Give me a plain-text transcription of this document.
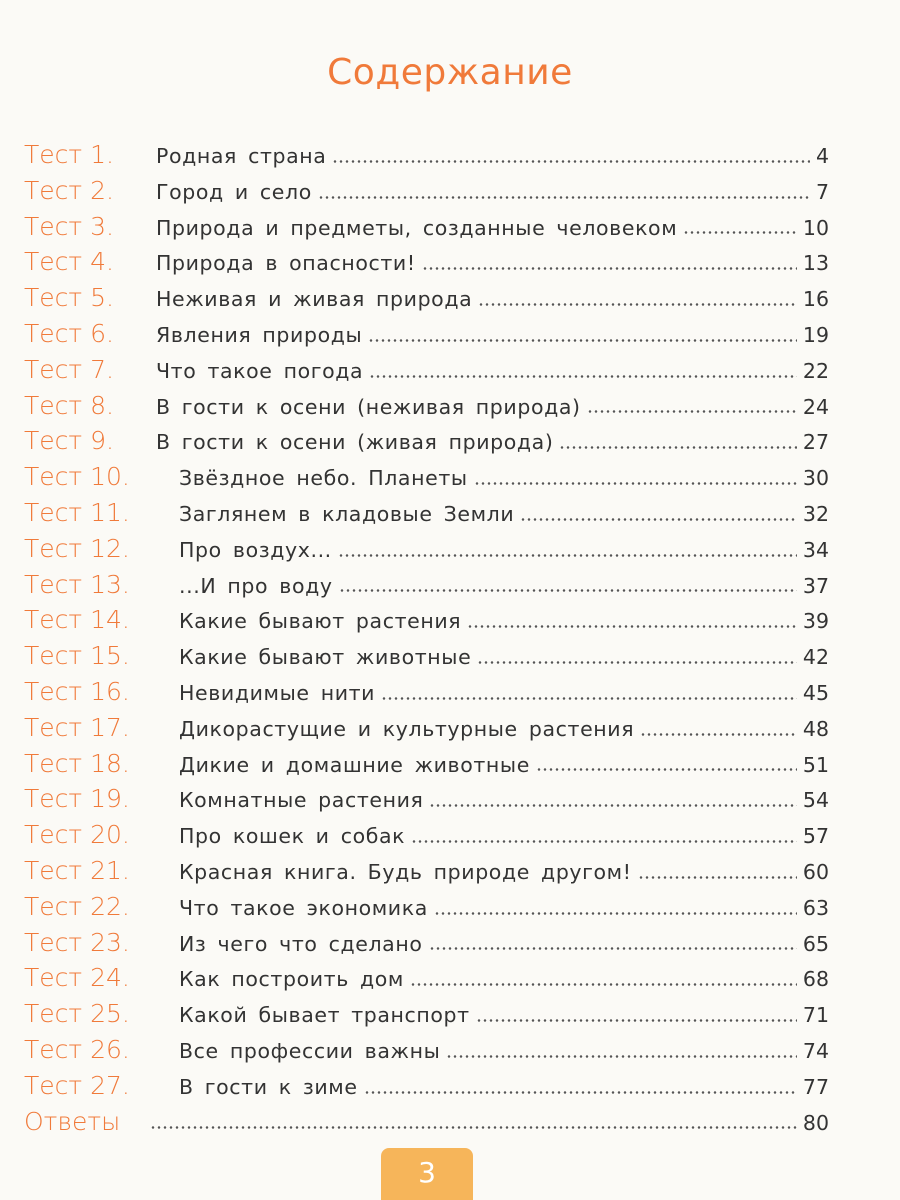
Содержание
Тест 1.	Родная страна	4
Тест 2.	Город и село	7
Тест 3.	Природа и предметы, созданные человеком	10
Тест 4.	Природа в опасности!	13
Тест 5.	Неживая и живая природа	16
Тест 6.	Явления природы	19
Тест 7.	Что такое погода	22
Тест 8.	В гости к осени (неживая природа)	24
Тест 9.	В гости к осени (живая природа)	27
Тест 10.	Звёздное небо. Планеты	30
Тест 11.	Заглянем в кладовые Земли	32
Тест 12.	Про воздух...	34
Тест 13.	...И про воду	37
Тест 14.	Какие бывают растения	39
Тест 15.	Какие бывают животные	42
Тест 16.	Невидимые нити	45
Тест 17.	Дикорастущие и культурные растения	48
Тест 18.	Дикие и домашние животные	51
Тест 19.	Комнатные растения	54
Тест 20.	Про кошек и собак	57
Тест 21.	Красная книга. Будь природе другом!	60
Тест 22.	Что такое экономика	63
Тест 23.	Из чего что сделано	65
Тест 24.	Как построить дом	68
Тест 25.	Какой бывает транспорт	71
Тест 26.	Все профессии важны	74
Тест 27.	В гости к зиме	77
Ответы	80
3
